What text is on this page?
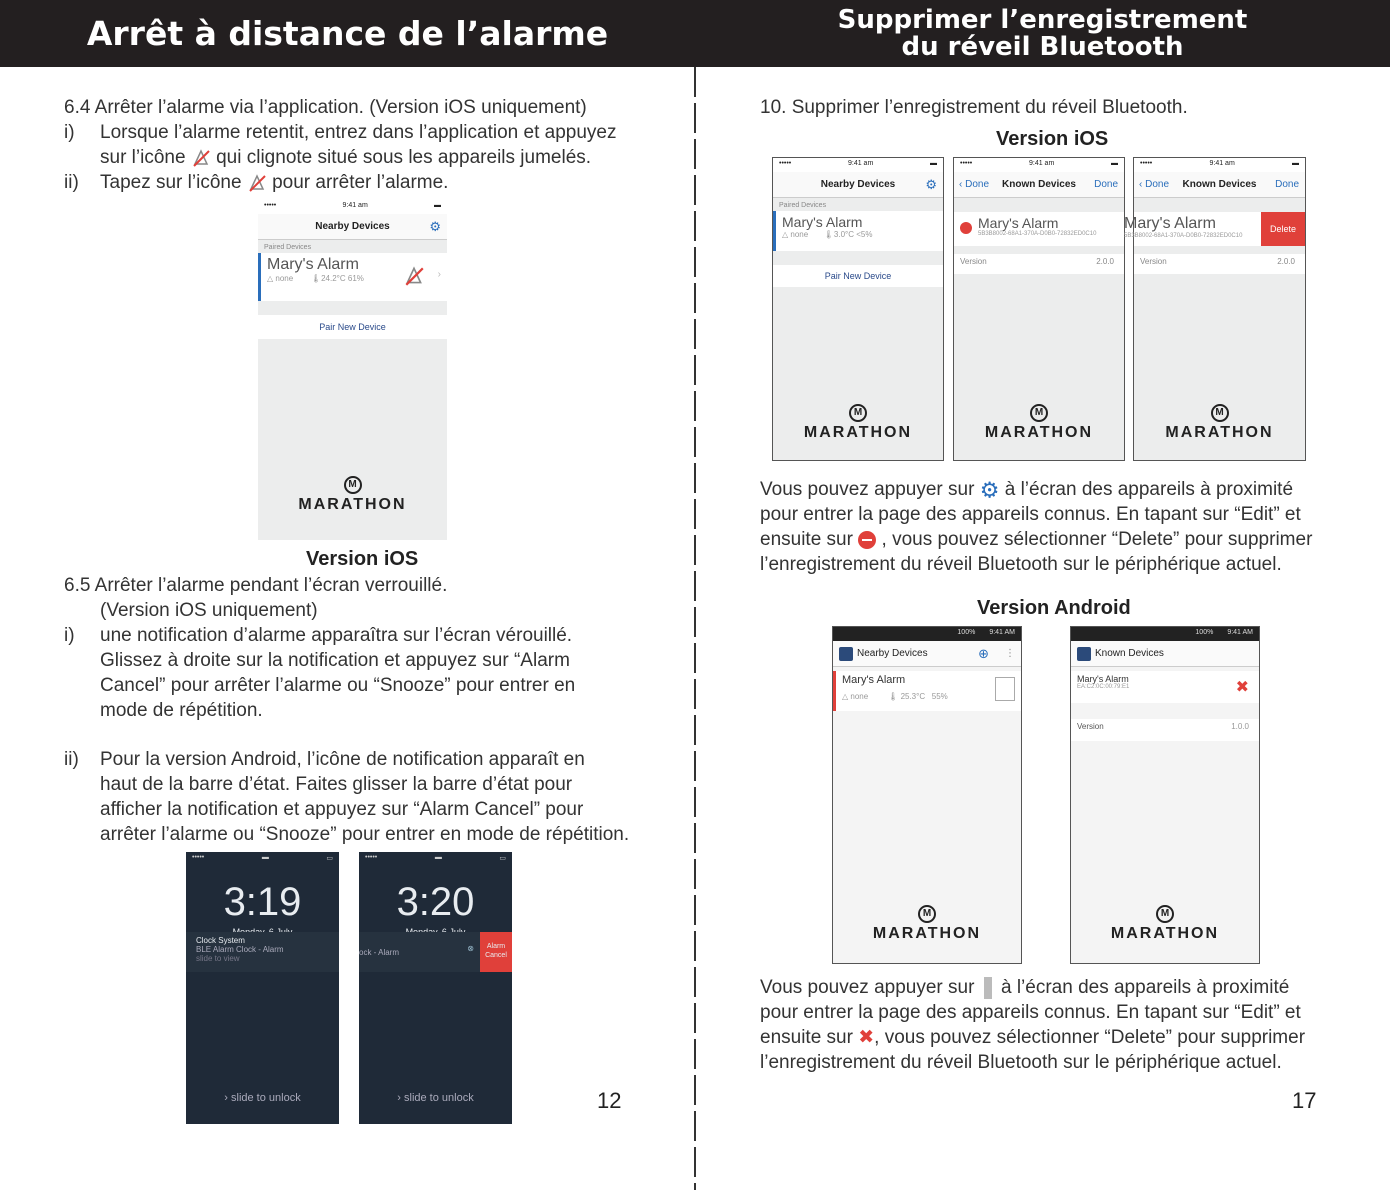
Arrêt à distance de l’alarme	Supprimer l’enregistrement
du réveil Bluetooth
6.4 Arrêter l’alarme via l’application. (Version iOS uniquement)
i) Lorsque l’alarme retentit, entrez dans l’application et appuyez
sur l’icône qui clignote situé sous les appareils jumelés.
ii) Tapez sur l’icône pour arrêter l’alarme.
•••••	9:41 am	▬
Nearby Devices	⚙
Paired Devices
Mary's Alarm
△ none        🌡24.2°C 61%	›
Pair New Device
M
MARATHON
Version iOS
6.5 Arrêter l’alarme pendant l’écran verrouillé.
(Version iOS uniquement)
i) une notification d’alarme apparaîtra sur l’écran vérouillé.
Glissez à droite sur la notification et appuyez sur “Alarm
Cancel” pour arrêter l’alarme ou “Snooze” pour entrer en
mode de répétition.
ii) Pour la version Android, l’icône de notification apparaît en
haut de la barre d’état. Faites glisser la barre d’état pour
afficher la notification et appuyez sur “Alarm Cancel” pour
arrêter l’alarme ou “Snooze” pour entrer en mode de répétition.
•••••	▬	▭
3:19
Clock System
BLE Alarm Clock - Alarm
slide to view
› slide to unlock
•••••	▬	▭
3:20
ock - Alarm	⊗	Alarm Cancel
› slide to unlock	12
10. Supprimer l’enregistrement du réveil Bluetooth.
Version iOS
•••••	9:41 am	▬
Nearby Devices ⚙
Paired Devices
Mary's Alarm
△ none       🌡3.0°C <5%
Pair New Device
M
MARATHON
•••••	9:41 am	▬
‹ Done Known Devices Done
Mary's Alarm
5B3B8002-68A1-370A-D0B0-72832ED0C10
Version	2.0.0
M
MARATHON
•••••	9:41 am	▬
‹ Done Known Devices Done
Mary's Alarm
5B3B8002-68A1-370A-D0B0-72832ED0C10
Delete
Version	2.0.0
M
MARATHON
Vous pouvez appuyer sur ⚙ à l’écran des appareils à proximité
pour entrer la page des appareils connus. En tapant sur “Edit” et
ensuite sur , vous pouvez sélectionner “Delete” pour supprimer
l’enregistrement du réveil Bluetooth sur le périphérique actuel.
Version Android
100% 9:41 AM
Nearby Devices	⊕ ⋮
Mary's Alarm
△ none         🌡 25.3°C 55%
M
MARATHON
100% 9:41 AM
Known Devices
Mary's Alarm
EA:C2:0C:00:79:E1	✖
Version	1.0.0
M
MARATHON
Vous pouvez appuyer sur à l’écran des appareils à proximité
pour entrer la page des appareils connus. En tapant sur “Edit” et
ensuite sur ✖, vous pouvez sélectionner “Delete” pour supprimer
l’enregistrement du réveil Bluetooth sur le périphérique actuel.
17
